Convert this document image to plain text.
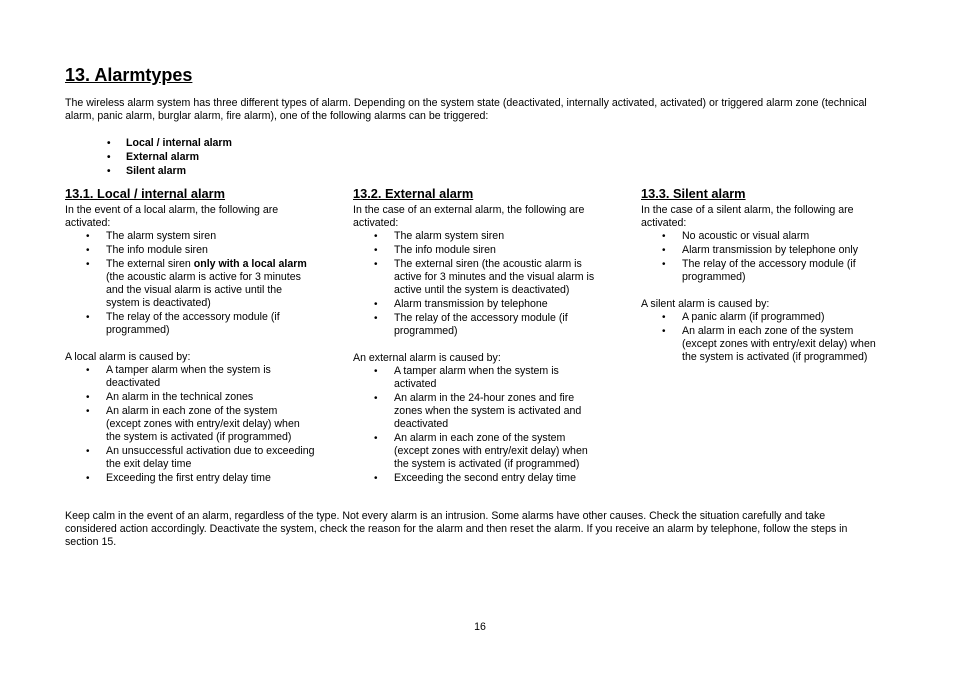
13. Alarmtypes

The wireless alarm system has three different types of alarm. Depending on the system state (deactivated, internally activated, activated) or triggered alarm zone (technical alarm, panic alarm, burglar alarm, fire alarm), one of the following alarms can be triggered:

• Local / internal alarm
• External alarm
• Silent alarm
13.1. Local / internal alarm

In the event of a local alarm, the following are activated:

• The alarm system siren
• The info module siren
• The external siren only with a local alarm (the acoustic alarm is active for 3 minutes and the visual alarm is active until the system is deactivated)
• The relay of the accessory module (if programmed)

A local alarm is caused by:

• A tamper alarm when the system is deactivated
• An alarm in the technical zones
• An alarm in each zone of the system (except zones with entry/exit delay) when the system is activated (if programmed)
• An unsuccessful activation due to exceeding the exit delay time
• Exceeding the first entry delay time
13.2. External alarm

In the case of an external alarm, the following are activated:

• The alarm system siren
• The info module siren
• The external siren (the acoustic alarm is active for 3 minutes and the visual alarm is active until the system is deactivated)
• Alarm transmission by telephone
• The relay of the accessory module (if programmed)

An external alarm is caused by:

• A tamper alarm when the system is activated
• An alarm in the 24-hour zones and fire zones when the system is activated and deactivated
• An alarm in each zone of the system (except zones with entry/exit delay) when the system is activated (if programmed)
• Exceeding the second entry delay time
13.3. Silent alarm

In the case of a silent alarm, the following are activated:

• No acoustic or visual alarm
• Alarm transmission by telephone only
• The relay of the accessory module (if programmed)

A silent alarm is caused by:

• A panic alarm (if programmed)
• An alarm in each zone of the system (except zones with entry/exit delay) when the system is activated (if programmed)

Keep calm in the event of an alarm, regardless of the type. Not every alarm is an intrusion. Some alarms have other causes. Check the situation carefully and take considered action accordingly. Deactivate the system, check the reason for the alarm and then reset the alarm. If you receive an alarm by telephone, follow the steps in section 15.

16
